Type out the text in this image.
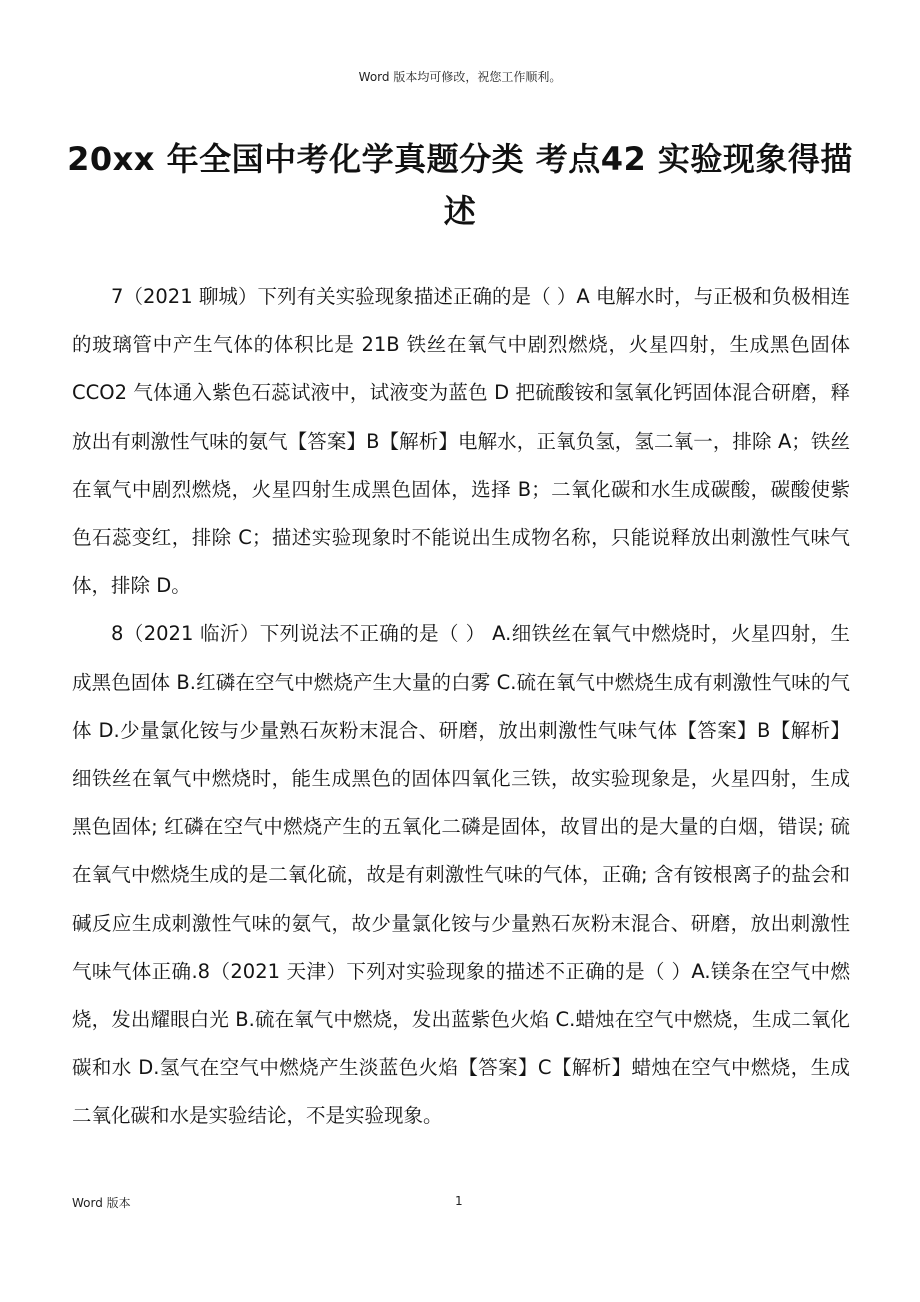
Word 版本均可修改，祝您工作顺利。
20xx 年全国中考化学真题分类 考点42 实验现象得描述

7（2021 聊城）下列有关实验现象描述正确的是（ ）A 电解水时，与正极和负极相连的玻璃管中产生气体的体积比是 21B 铁丝在氧气中剧烈燃烧，火星四射，生成黑色固体 CCO2 气体通入紫色石蕊试液中，试液变为蓝色 D 把硫酸铵和氢氧化钙固体混合研磨，释放出有刺激性气味的氨气【答案】B【解析】电解水，正氧负氢，氢二氧一，排除 A；铁丝在氧气中剧烈燃烧，火星四射生成黑色固体，选择 B；二氧化碳和水生成碳酸，碳酸使紫色石蕊变红，排除 C；描述实验现象时不能说出生成物名称，只能说释放出刺激性气味气体，排除 D。

8（2021 临沂）下列说法不正确的是（ ） A.细铁丝在氧气中燃烧时，火星四射，生成黑色固体 B.红磷在空气中燃烧产生大量的白雾 C.硫在氧气中燃烧生成有刺激性气味的气体 D.少量氯化铵与少量熟石灰粉末混合、研磨，放出刺激性气味气体【答案】B【解析】细铁丝在氧气中燃烧时，能生成黑色的固体四氧化三铁，故实验现象是，火星四射，生成黑色固体; 红磷在空气中燃烧产生的五氧化二磷是固体，故冒出的是大量的白烟，错误; 硫在氧气中燃烧生成的是二氧化硫，故是有刺激性气味的气体，正确; 含有铵根离子的盐会和碱反应生成刺激性气味的氨气，故少量氯化铵与少量熟石灰粉末混合、研磨，放出刺激性气味气体正确.8（2021 天津）下列对实验现象的描述不正确的是（ ）A.镁条在空气中燃烧，发出耀眼白光 B.硫在氧气中燃烧，发出蓝紫色火焰 C.蜡烛在空气中燃烧，生成二氧化碳和水 D.氢气在空气中燃烧产生淡蓝色火焰【答案】C【解析】蜡烛在空气中燃烧，生成二氧化碳和水是实验结论，不是实验现象。

Word 版本	1
